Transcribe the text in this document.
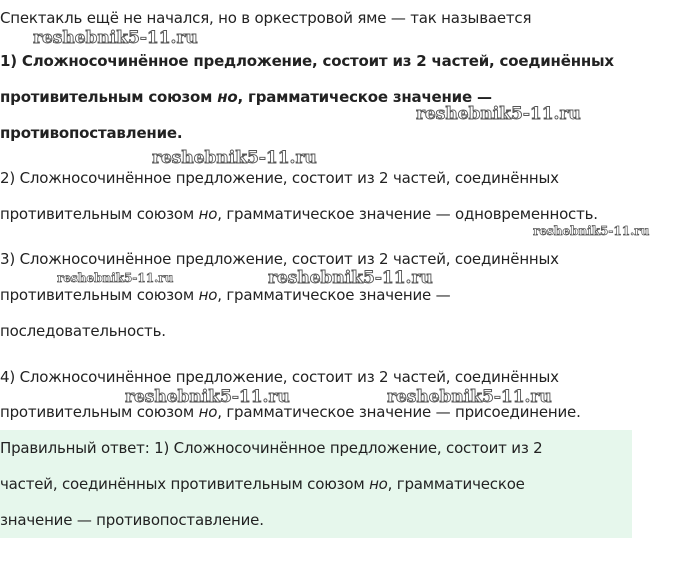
Спектакль ещё не начался, но в оркестровой яме — так называется
1) Сложносочинённое предложение, состоит из 2 частей, соединённых
противительным союзом но, грамматическое значение —
противопоставление.
2) Сложносочинённое предложение, состоит из 2 частей, соединённых
противительным союзом но, грамматическое значение — одновременность.
3) Сложносочинённое предложение, состоит из 2 частей, соединённых
противительным союзом но, грамматическое значение —
последовательность.
4) Сложносочинённое предложение, состоит из 2 частей, соединённых
противительным союзом но, грамматическое значение — присоединение.
Правильный ответ: 1) Сложносочинённое предложение, состоит из 2
частей, соединённых противительным союзом но, грамматическое
значение — противопоставление.
reshebnik5-11.ru
reshebnik5-11.ru
reshebnik5-11.ru
reshebnik5-11.ru
reshebnik5-11.ru	reshebnik5-11.ru
reshebnik5-11.ru	reshebnik5-11.ru
